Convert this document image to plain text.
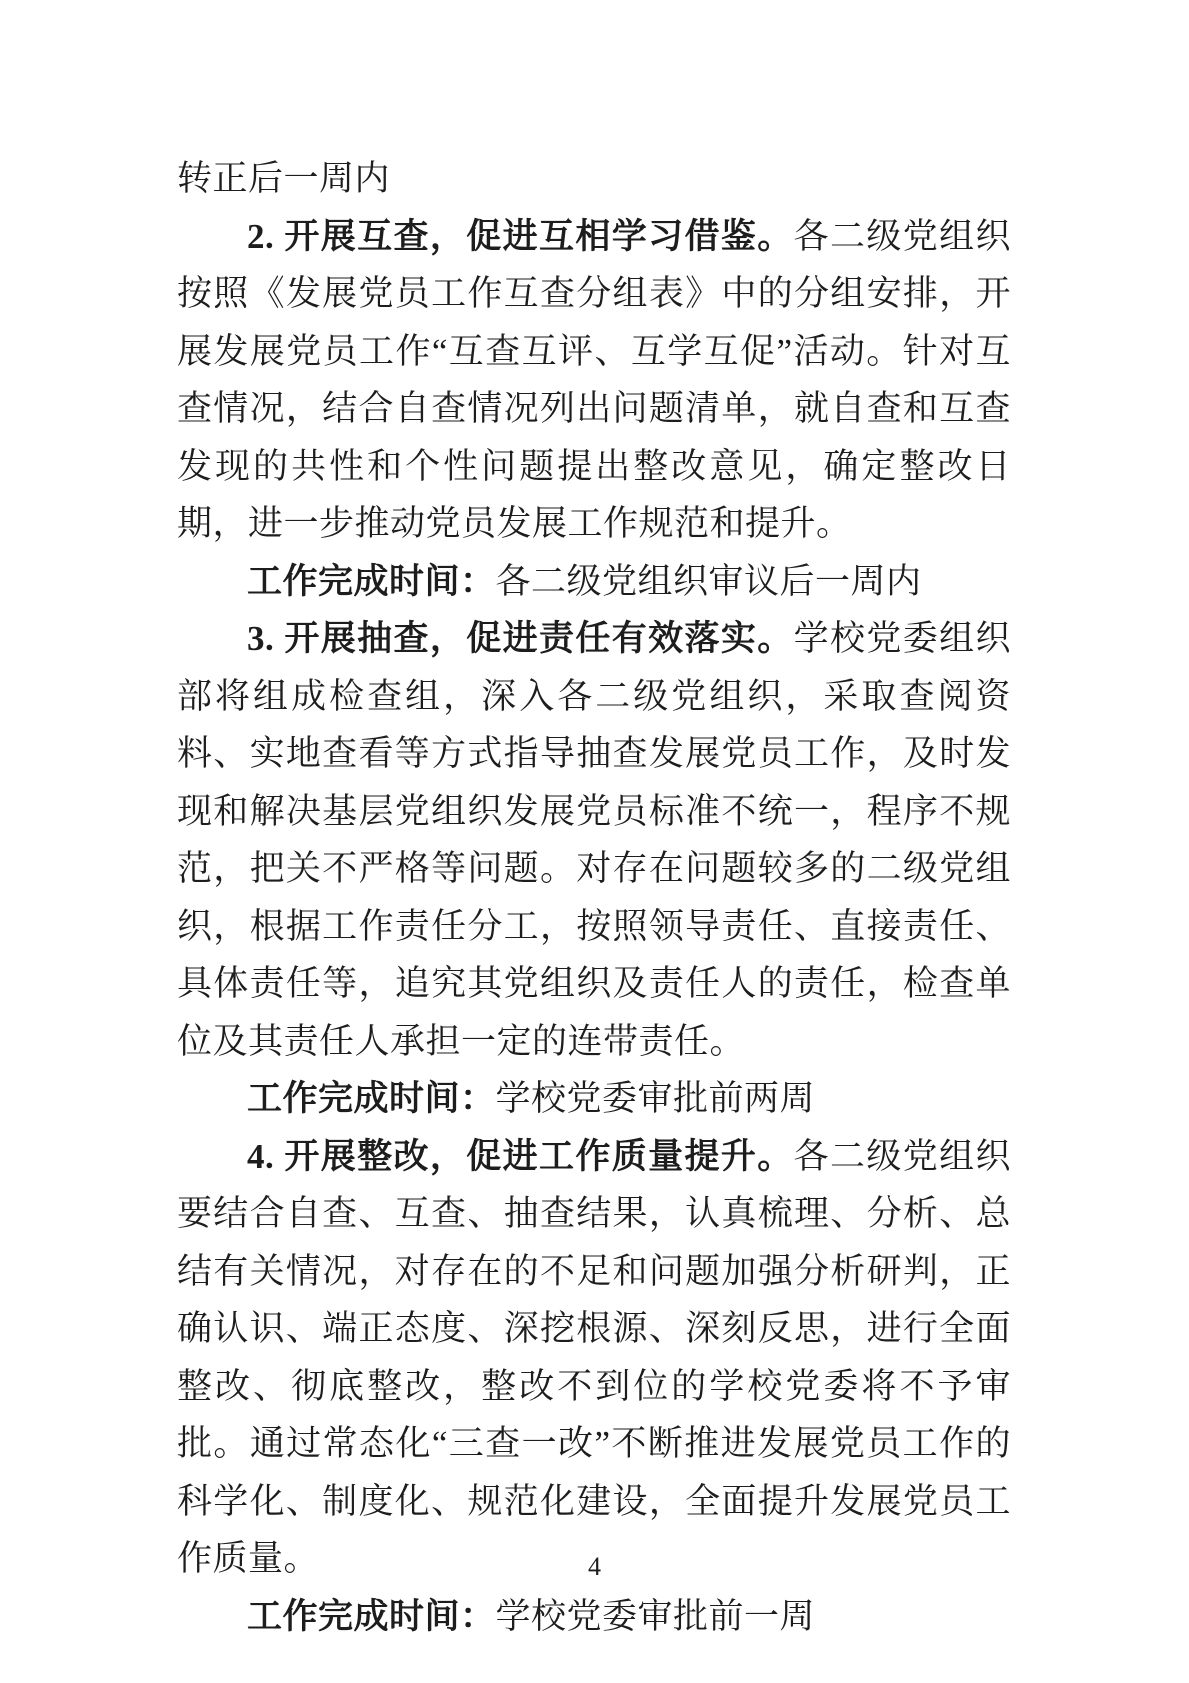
转正后一周内

2. 开展互查，促进互相学习借鉴。各二级党组织按照《发展党员工作互查分组表》中的分组安排，开展发展党员工作“互查互评、互学互促”活动。针对互查情况，结合自查情况列出问题清单，就自查和互查发现的共性和个性问题提出整改意见，确定整改日期，进一步推动党员发展工作规范和提升。

工作完成时间：各二级党组织审议后一周内

3. 开展抽查，促进责任有效落实。学校党委组织部将组成检查组，深入各二级党组织，采取查阅资料、实地查看等方式指导抽查发展党员工作，及时发现和解决基层党组织发展党员标准不统一，程序不规范，把关不严格等问题。对存在问题较多的二级党组织，根据工作责任分工，按照领导责任、直接责任、具体责任等，追究其党组织及责任人的责任，检查单位及其责任人承担一定的连带责任。

工作完成时间：学校党委审批前两周

4. 开展整改，促进工作质量提升。各二级党组织要结合自查、互查、抽查结果，认真梳理、分析、总结有关情况，对存在的不足和问题加强分析研判，正确认识、端正态度、深挖根源、深刻反思，进行全面整改、彻底整改，整改不到位的学校党委将不予审批。通过常态化“三查一改”不断推进发展党员工作的科学化、制度化、规范化建设，全面提升发展党员工作质量。

工作完成时间：学校党委审批前一周

4
